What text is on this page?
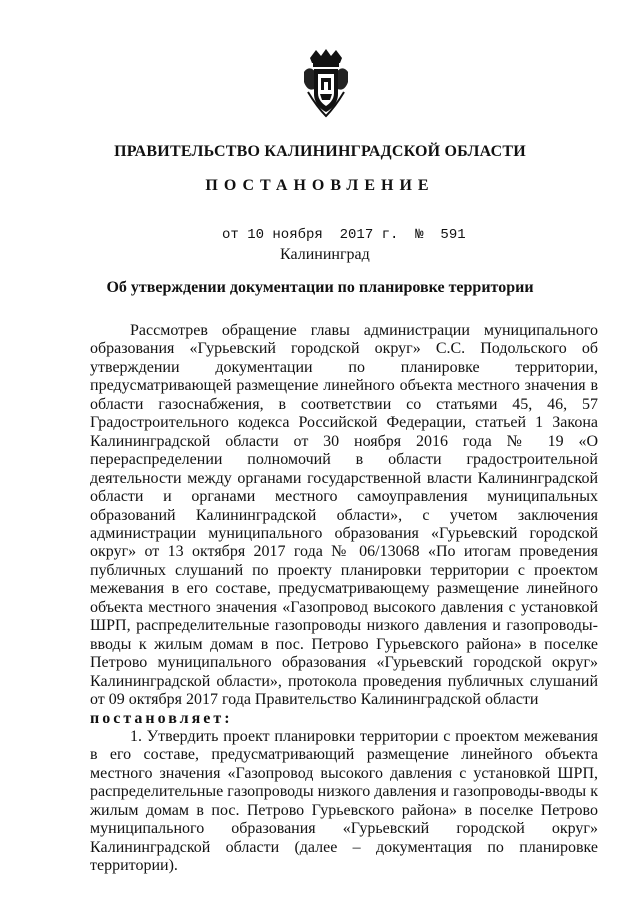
ПРАВИТЕЛЬСТВО КАЛИНИНГРАДСКОЙ ОБЛАСТИ
ПОСТАНОВЛЕНИЕ
от 10 ноября  2017 г.  №  591
Калининград
Об утверждении документации по планировке территории

Рассмотрев обращение главы администрации муниципального образования «Гурьевский городской округ» С.С. Подольского об утверждении документации по планировке территории, предусматривающей размещение линейного объекта местного значения в области газоснабжения, в соответствии со статьями 45, 46, 57 Градостроительного кодекса Российской Федерации, статьей 1 Закона Калининградской области от 30 ноября 2016 года № 19 «О перераспределении полномочий в области градостроительной деятельности между органами государственной власти Калининградской области и органами местного самоуправления муниципальных образований Калининградской области», с учетом заключения администрации муниципального образования «Гурьевский городской округ» от 13 октября 2017 года № 06/13068 «По итогам проведения публичных слушаний по проекту планировки территории с проектом межевания в его составе, предусматривающему размещение линейного объекта местного значения «Газопровод высокого давления с установкой ШРП, распределительные газопроводы низкого давления и газопроводы-вводы к жилым домам в пос. Петрово Гурьевского района» в поселке Петрово муниципального образования «Гурьевский городской округ» Калининградской области», протокола проведения публичных слушаний от 09 октября 2017 года Правительство Калининградской области

постановляет:

1. Утвердить проект планировки территории с проектом межевания в его составе, предусматривающий размещение линейного объекта местного значения «Газопровод высокого давления с установкой ШРП, распределительные газопроводы низкого давления и газопроводы-вводы к жилым домам в пос. Петрово Гурьевского района» в поселке Петрово муниципального образования «Гурьевский городской округ» Калининградской области (далее – документация по планировке территории).
